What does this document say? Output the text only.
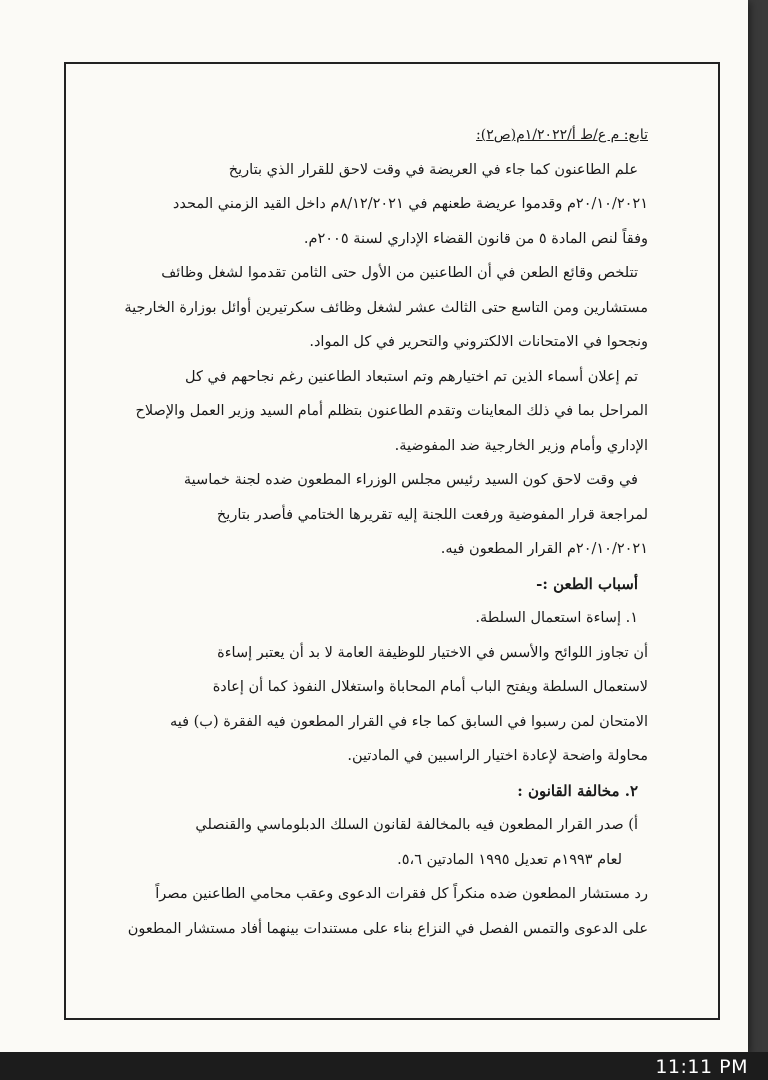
تابع: م ع/ط أ/١/٢٠٢٢م(ص٢):
علم الطاعنون كما جاء في العريضة في وقت لاحق للقرار الذي بتاريخ
٢٠/١٠/٢٠٢١م وقدموا عريضة طعنهم في ٨/١٢/٢٠٢١م داخل القيد الزمني المحدد
وفقاً لنص المادة ٥ من قانون القضاء الإداري لسنة ٢٠٠٥م.
تتلخص وقائع الطعن في أن الطاعنين من الأول حتى الثامن تقدموا لشغل وظائف
مستشارين ومن التاسع حتى الثالث عشر لشغل وظائف سكرتيرين أوائل بوزارة الخارجية
ونجحوا في الامتحانات الالكتروني والتحرير في كل المواد.
تم إعلان أسماء الذين تم اختيارهم وتم استبعاد الطاعنين رغم نجاحهم في كل
المراحل بما في ذلك المعاينات وتقدم الطاعنون بتظلم أمام السيد وزير العمل والإصلاح
الإداري وأمام وزير الخارجية ضد المفوضية.
في وقت لاحق كون السيد رئيس مجلس الوزراء المطعون ضده لجنة خماسية
لمراجعة قرار المفوضية ورفعت اللجنة إليه تقريرها الختامي فأصدر بتاريخ
٢٠/١٠/٢٠٢١م القرار المطعون فيه.
أسباب الطعن :-
١. إساءة استعمال السلطة.
أن تجاوز اللوائح والأسس في الاختيار للوظيفة العامة لا بد أن يعتبر إساءة
لاستعمال السلطة ويفتح الباب أمام المحاباة واستغلال النفوذ كما أن إعادة
الامتحان لمن رسبوا في السابق كما جاء في القرار المطعون فيه الفقرة (ب) فيه
محاولة واضحة لإعادة اختيار الراسبين في المادتين.
٢. مخالفة القانون :
أ) صدر القرار المطعون فيه بالمخالفة لقانون السلك الدبلوماسي والقنصلي
لعام ١٩٩٣م تعديل ١٩٩٥ المادتين ٥،٦.
رد مستشار المطعون ضده منكراً كل فقرات الدعوى وعقب محامي الطاعنين مصراً
على الدعوى والتمس الفصل في النزاع بناء على مستندات بينهما أفاد مستشار المطعون
11:11 PM
